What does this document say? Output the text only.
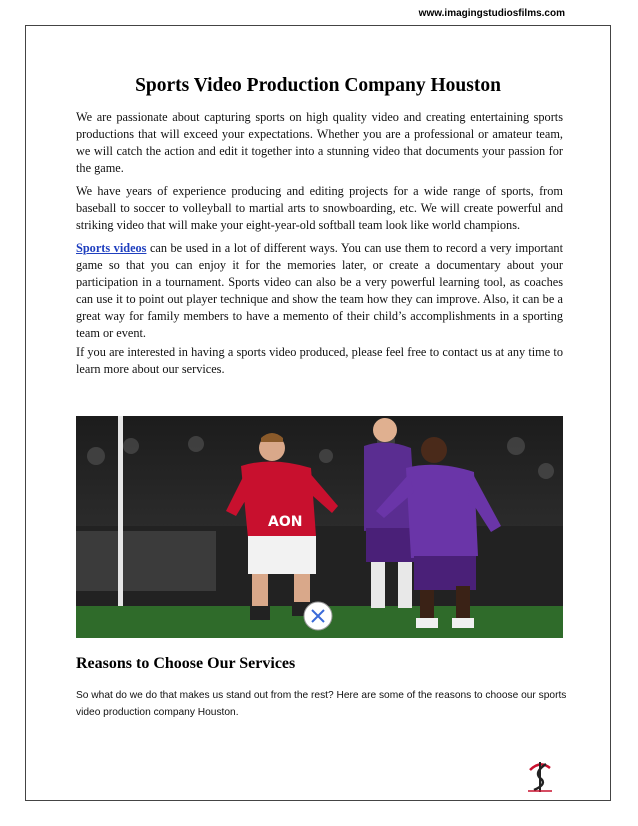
www.imagingstudiosfilms.com
Sports Video Production Company Houston

We are passionate about capturing sports on high quality video and creating entertaining sports productions that will exceed your expectations. Whether you are a professional or amateur team, we will catch the action and edit it together into a stunning video that documents your passion for the game.

We have years of experience producing and editing projects for a wide range of sports, from baseball to soccer to volleyball to martial arts to snowboarding, etc. We will create powerful and striking video that will make your eight-year-old softball team look like world champions.

Sports videos can be used in a lot of different ways. You can use them to record a very important game so that you can enjoy it for the memories later, or create a documentary about your participation in a tournament. Sports video can also be a very powerful learning tool, as coaches can use it to point out player technique and show the team how they can improve. Also, it can be a great way for family members to have a memento of their child’s accomplishments in a sporting team or event.

If you are interested in having a sports video produced, please feel free to contact us at any time to learn more about our services.

AON
Reasons to Choose Our Services

So what do we do that makes us stand out from the rest? Here are some of the reasons to choose our sports video production company Houston.
